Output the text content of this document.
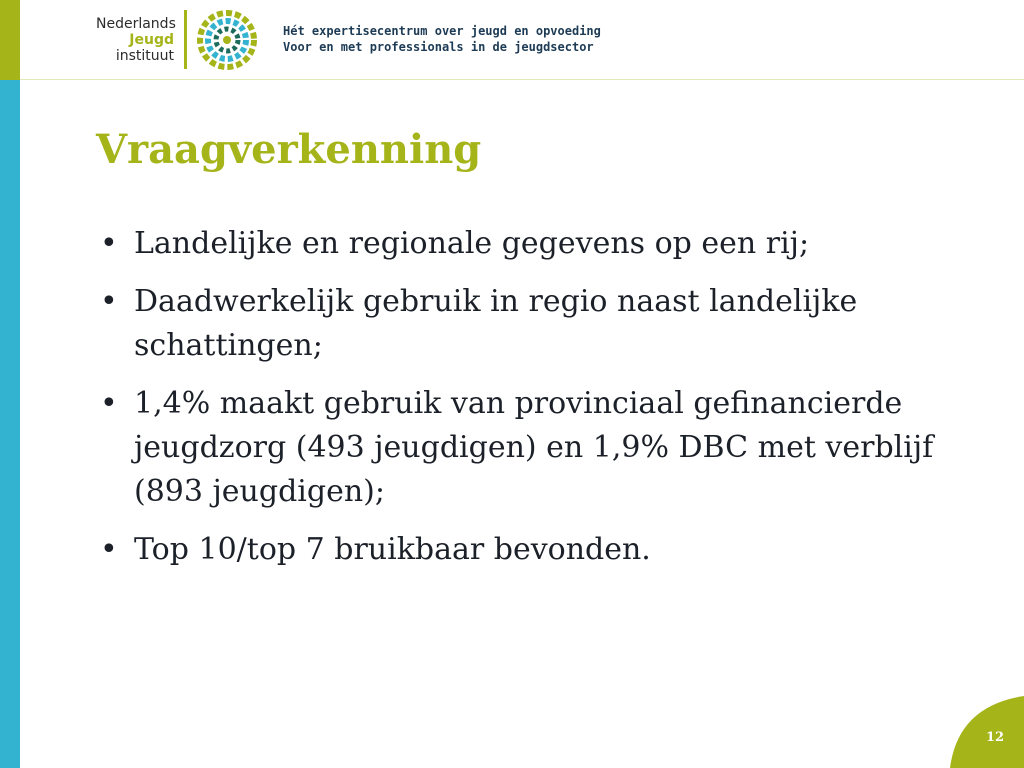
Nederlands
Jeugd
instituut
Hét expertisecentrum over jeugd en opvoeding
Voor en met professionals in de jeugdsector
Vraagverkenning
• Landelijke en regionale gegevens op een rij;
• Daadwerkelijk gebruik in regio naast landelijke schattingen;
• 1,4% maakt gebruik van provinciaal gefinancierde jeugdzorg (493 jeugdigen) en 1,9% DBC met verblijf (893 jeugdigen);
• Top 10/top 7 bruikbaar bevonden.
12
